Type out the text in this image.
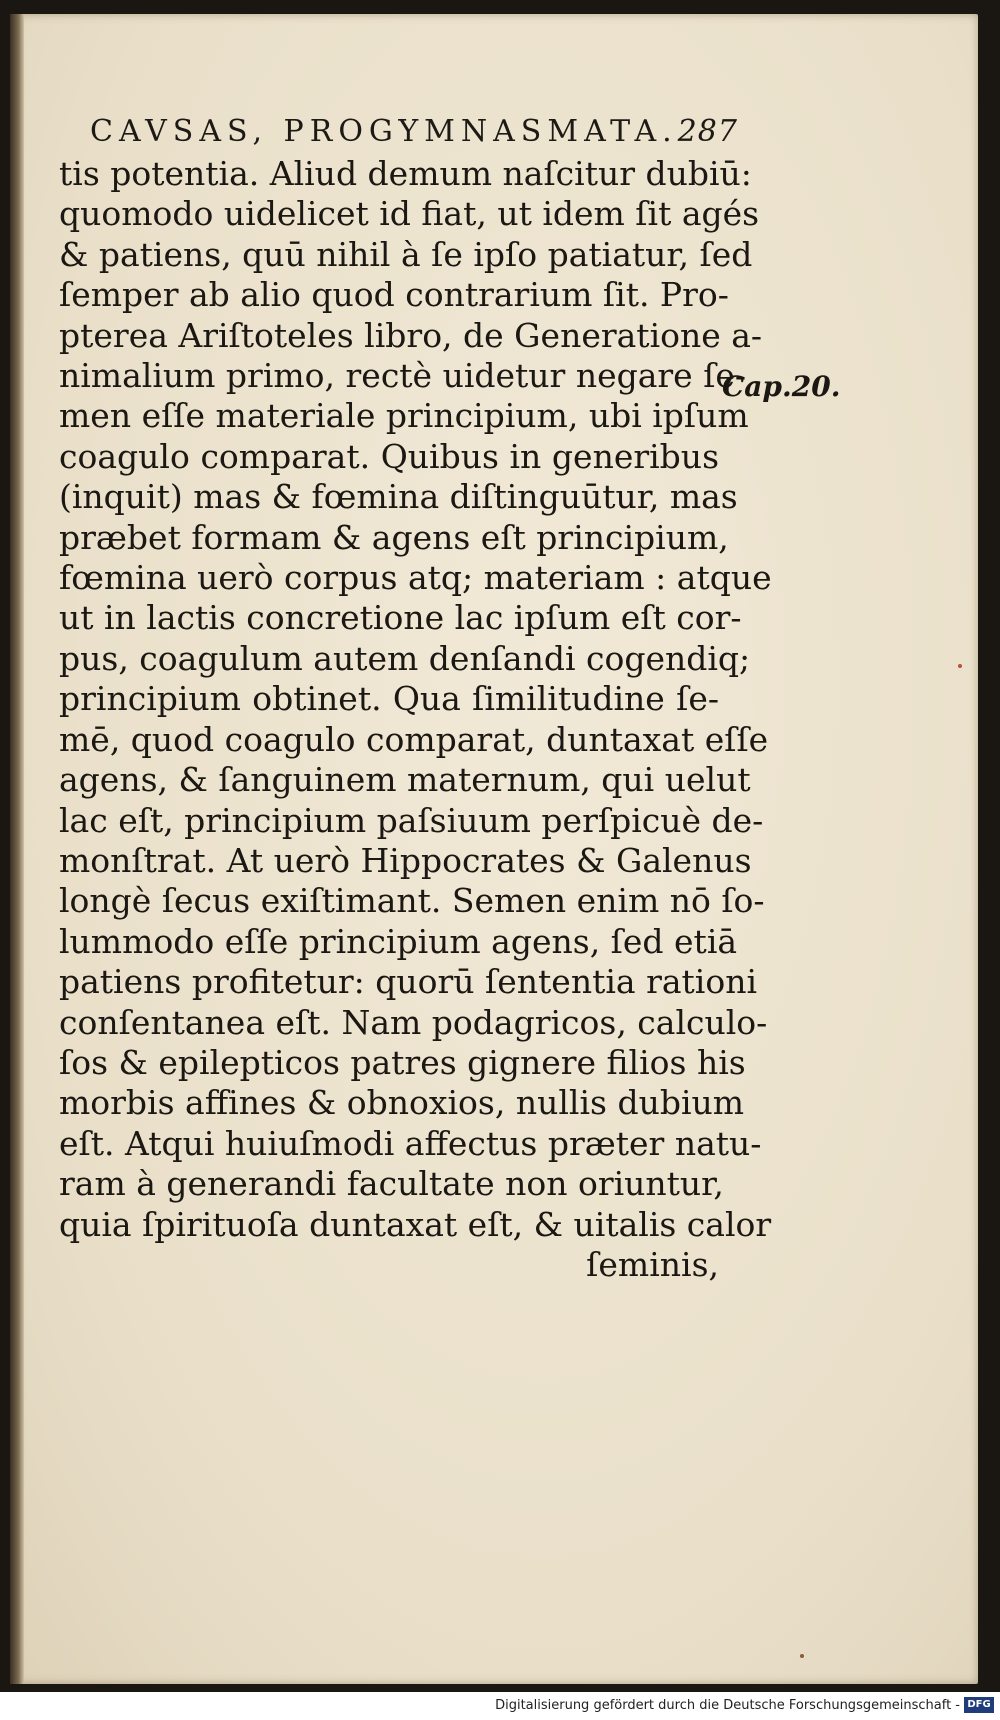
CAVSAS, PROGYMNASMATA.287
tis potentia. Aliud demum naſcitur dubiū:
quomodo uidelicet id fiat, ut idem ſit agés
& patiens, quū nihil à ſe ipſo patiatur, ſed
ſemper ab alio quod contrarium ſit. Pro-
pterea Ariſtoteles libro, de Generatione a-
nimalium primo, rectè uidetur negare ſe-
men eſſe materiale principium, ubi ipſum
coagulo comparat. Quibus in generibus
(inquit) mas & fœmina diſtinguūtur, mas
præbet formam & agens eſt principium,
fœmina uerò corpus atq; materiam : atque
ut in lactis concretione lac ipſum eſt cor-
pus, coagulum autem denſandi cogendiq;
principium obtinet. Qua ſimilitudine ſe-
mē, quod coagulo comparat, duntaxat eſſe
agens, & ſanguinem maternum, qui uelut
lac eſt, principium paſsiuum perſpicuè de-
monſtrat. At uerò Hippocrates & Galenus
longè ſecus exiſtimant. Semen enim nō ſo-
lummodo eſſe principium agens, ſed etiā
patiens profitetur: quorū ſententia rationi
conſentanea eſt. Nam podagricos, calculo-
ſos & epilepticos patres gignere filios his
morbis affines & obnoxios, nullis dubium
eſt. Atqui huiuſmodi affectus præter natu-
ram à generandi facultate non oriuntur,
quia ſpirituoſa duntaxat eſt, & uitalis calor
ſeminis,
Cap.20.
Digitalisierung gefördert durch die Deutsche Forschungsgemeinschaft - DFG
